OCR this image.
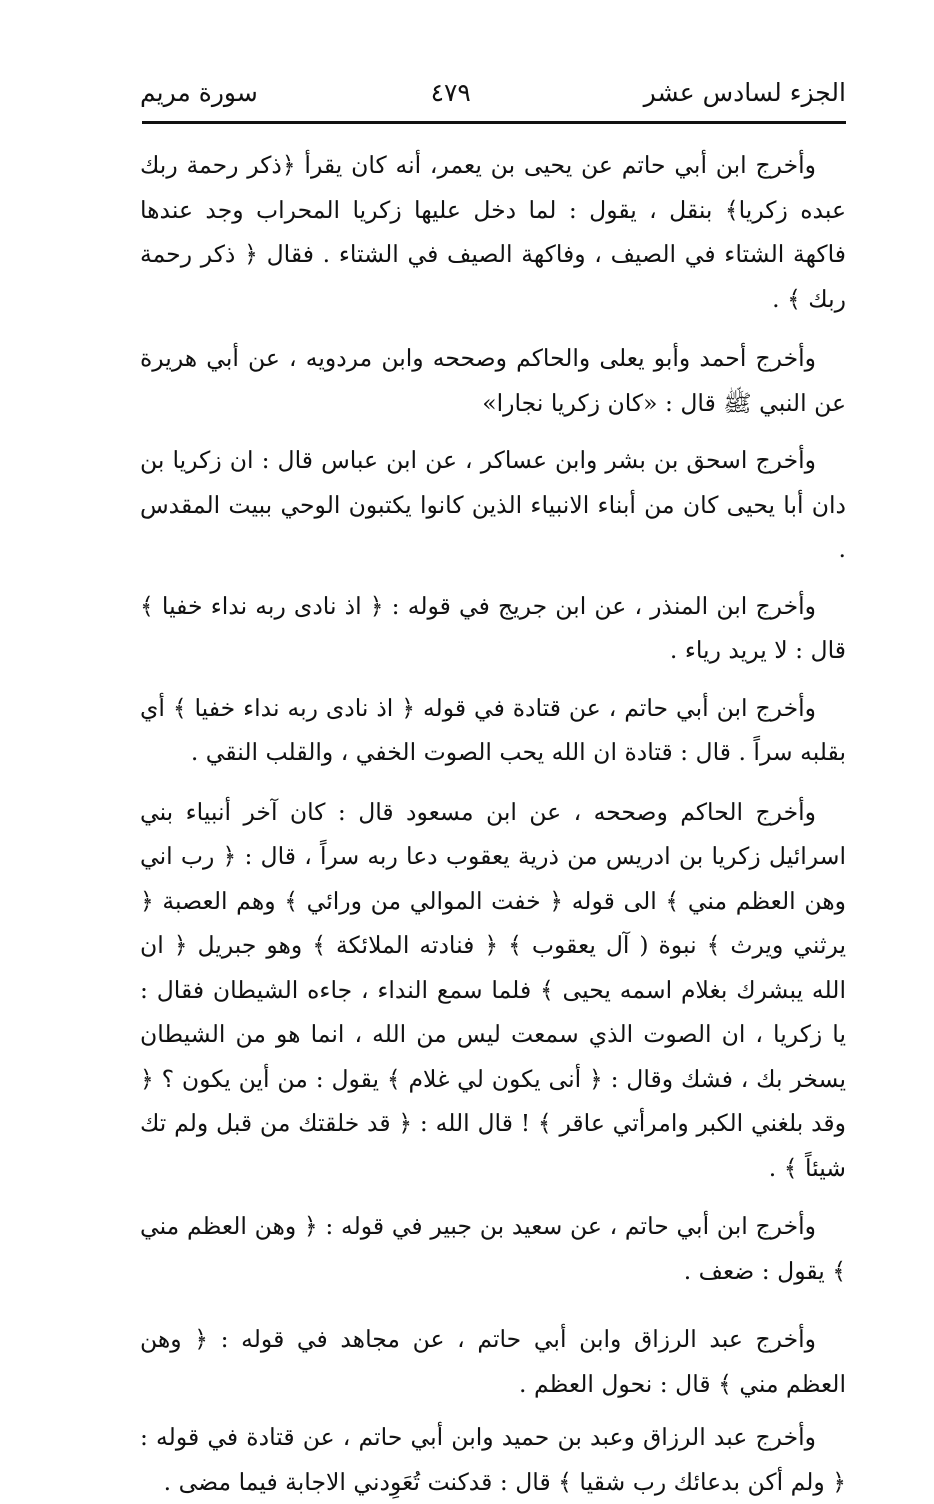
الجزء لسادس عشر
٤٧٩
سورة مريم

وأخرج ابن أبي حاتم عن يحيى بن يعمر، أنه كان يقرأ ﴿ذكر رحمة ربك عبده زكريا﴾ بنقل ، يقول : لما دخل عليها زكريا المحراب وجد عندها فاكهة الشتاء في الصيف ، وفاكهة الصيف في الشتاء . فقال ﴿ ذكر رحمة ربك ﴾ .

وأخرج أحمد وأبو يعلى والحاكم وصححه وابن مردويه ، عن أبي هريرة عن النبي ﷺ قال : «كان زكريا نجارا»

وأخرج اسحق بن بشر وابن عساكر ، عن ابن عباس قال : ان زكريا بن دان أبا يحيى كان من أبناء الانبياء الذين كانوا يكتبون الوحي ببيت المقدس .

وأخرج ابن المنذر ، عن ابن جريج في قوله : ﴿ اذ نادى ربه نداء خفيا ﴾ قال : لا يريد رياء .

وأخرج ابن أبي حاتم ، عن قتادة في قوله ﴿ اذ نادى ربه نداء خفيا ﴾ أي بقلبه سراً . قال : قتادة ان الله يحب الصوت الخفي ، والقلب النقي .

وأخرج الحاكم وصححه ، عن ابن مسعود قال : كان آخر أنبياء بني اسرائيل زكريا بن ادريس من ذرية يعقوب دعا ربه سراً ، قال : ﴿ رب اني وهن العظم مني ﴾ الى قوله ﴿ خفت الموالي من ورائي ﴾ وهم العصبة ﴿ يرثني ويرث ﴾ نبوة ( آل يعقوب ﴾ ﴿ فنادته الملائكة ﴾ وهو جبريل ﴿ ان الله يبشرك بغلام اسمه يحيى ﴾ فلما سمع النداء ، جاءه الشيطان فقال : يا زكريا ، ان الصوت الذي سمعت ليس من الله ، انما هو من الشيطان يسخر بك ، فشك وقال : ﴿ أنى يكون لي غلام ﴾ يقول : من أين يكون ؟ ﴿ وقد بلغني الكبر وامرأتي عاقر ﴾ ! قال الله : ﴿ قد خلقتك من قبل ولم تك شيئاً ﴾ .

وأخرج ابن أبي حاتم ، عن سعيد بن جبير في قوله : ﴿ وهن العظم مني ﴾ يقول : ضعف .

وأخرج عبد الرزاق وابن أبي حاتم ، عن مجاهد في قوله : ﴿ وهن العظم مني ﴾ قال : نحول العظم .

وأخرج عبد الرزاق وعبد بن حميد وابن أبي حاتم ، عن قتادة في قوله : ﴿ ولم أكن بدعائك رب شقيا ﴾ قال : قدكنت تُعَوِدني الاجابة فيما مضى .
